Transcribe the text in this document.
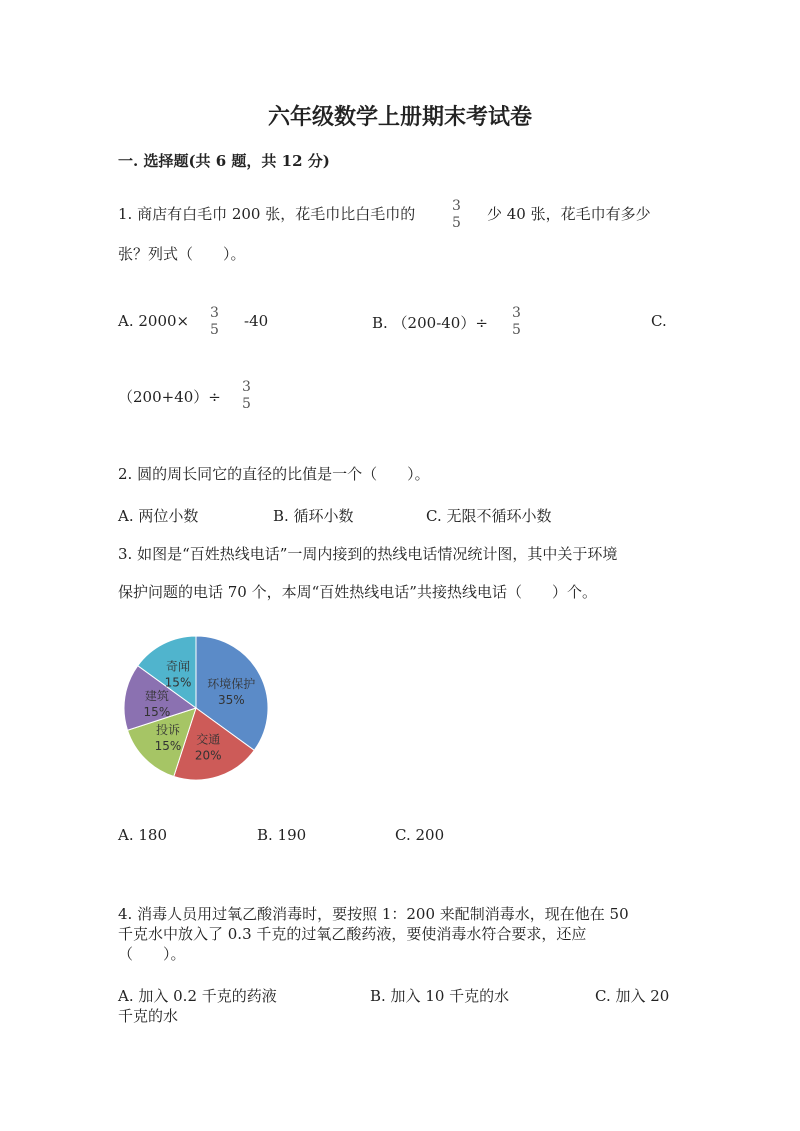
六年级数学上册期末考试卷
一. 选择题(共 6 题，共 12 分)
1. 商店有白毛巾 200 张，花毛巾比白毛巾的	3
5 少 40 张，花毛巾有多少
张？列式（　　）。
A. 2000× 3
5 -40	B. （200-40）÷
3
5	C.
（200+40）÷
3
5
2. 圆的周长同它的直径的比值是一个（　　）。
A. 两位小数	B. 循环小数	C. 无限不循环小数
3. 如图是“百姓热线电话”一周内接到的热线电话情况统计图，其中关于环境
保护问题的电话 70 个，本周“百姓热线电话”共接热线电话（　　）个。
环境保护
35%
交通
20%
投诉
15%
建筑
15%
奇闻
15%
A. 180	B. 190	C. 200
4. 消毒人员用过氧乙酸消毒时，要按照 1：200 来配制消毒水，现在他在 50
千克水中放入了 0.3 千克的过氧乙酸药液，要使消毒水符合要求，还应
（　　）。
A. 加入 0.2 千克的药液	B. 加入 10 千克的水	C. 加入 20
千克的水
